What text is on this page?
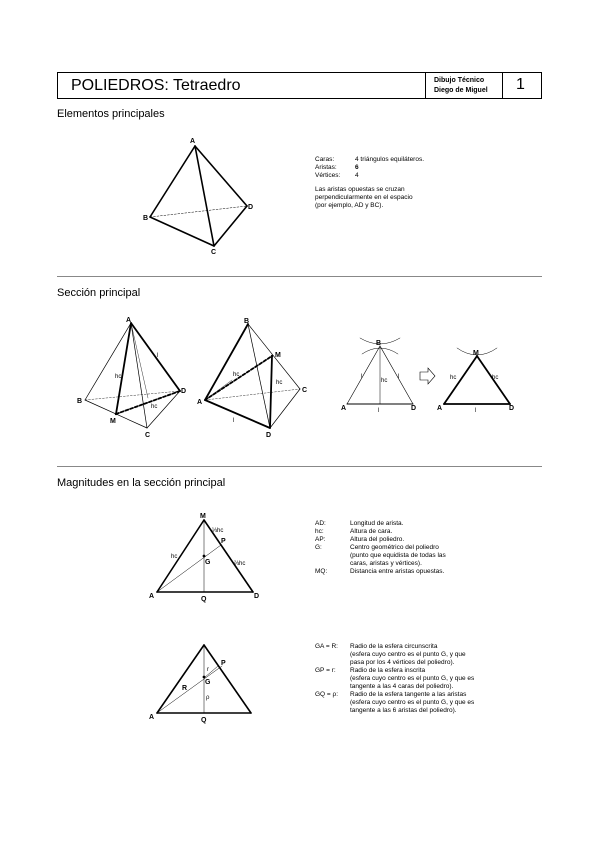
POLIEDROS: Tetraedro	Dibujo Técnico
Diego de Miguel 1
Elementos principales
Sección principal
Magnitudes en la sección principal
Caras:	4 triángulos equiláteros.
Aristas:	6
Vértices: 4
Las aristas opuestas se cruzan
perpendicularmente en el espacio
(por ejemplo, AD y BC).
AD:	Longitud de arista.
hc:	Altura de cara.
AP:	Altura del poliedro.
G:	Centro geométrico del poliedro
(punto que equidista de todas las
caras, aristas y vértices).
MQ:	Distancia entre aristas opuestas.
GA = R: Radio de la esfera circunscrita
(esfera cuyo centro es el punto G, y que
pasa por los 4 vértices del poliedro).
GP = r: Radio de la esfera inscrita
(esfera cuyo centro es el punto G, y que es
tangente a las 4 caras del poliedro).
GQ = ρ: Radio de la esfera tangente a las aristas
(esfera cuyo centro es el punto G, y que es
tangente a las 6 aristas del poliedro).
A
B
C
D
A
B
C
D
M
l
hc
hc
B
A
D
C
M
l
hc
hc
B
A	D
l	l
hc
l
M
A	D
hc	hc
l
M
A	D
Q
P
G
hc
⅓hc
⅔hc
A	Q
P
G
R
r
ρ
